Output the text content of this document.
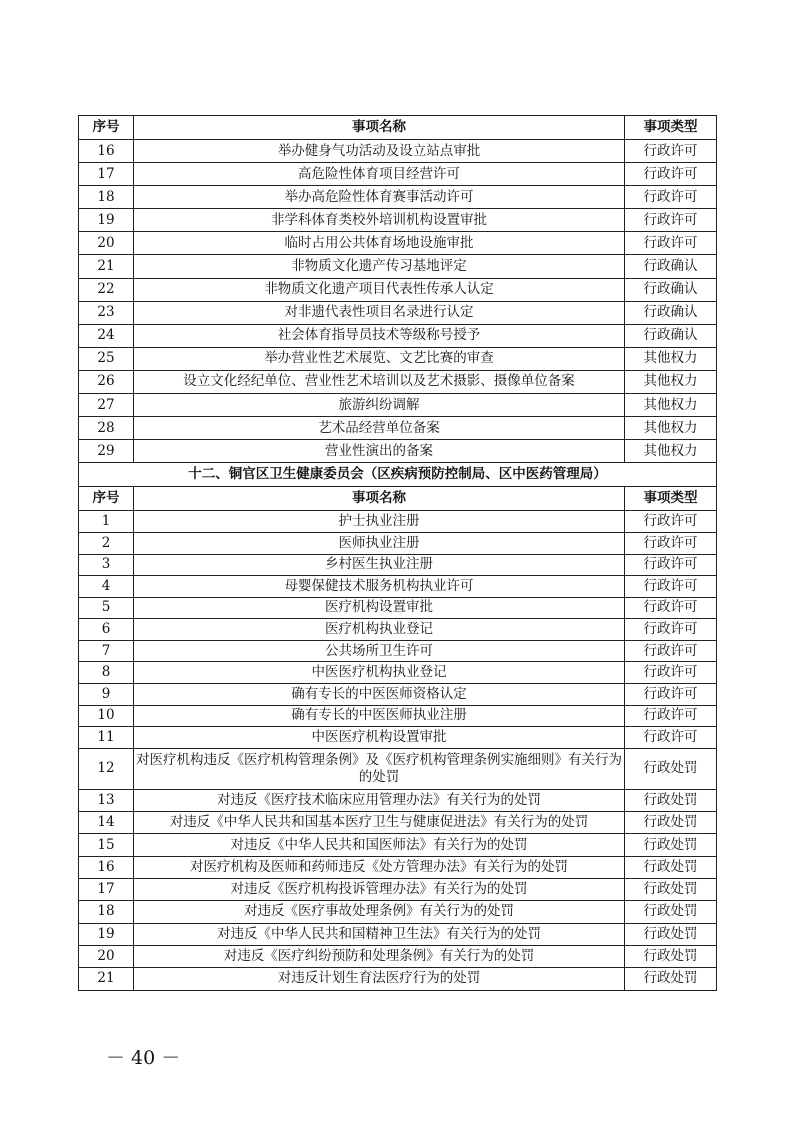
序号	事项名称	事项类型
16	举办健身气功活动及设立站点审批	行政许可
17	高危险性体育项目经营许可	行政许可
18	举办高危险性体育赛事活动许可	行政许可
19	非学科体育类校外培训机构设置审批	行政许可
20	临时占用公共体育场地设施审批	行政许可
21	非物质文化遗产传习基地评定	行政确认
22	非物质文化遗产项目代表性传承人认定	行政确认
23	对非遗代表性项目名录进行认定	行政确认
24	社会体育指导员技术等级称号授予	行政确认
25	举办营业性艺术展览、文艺比赛的审查	其他权力
26	设立文化经纪单位、营业性艺术培训以及艺术摄影、摄像单位备案	其他权力
27	旅游纠纷调解	其他权力
28	艺术品经营单位备案	其他权力
29	营业性演出的备案	其他权力
十二、铜官区卫生健康委员会（区疾病预防控制局、区中医药管理局）		
序号	事项名称	事项类型
1	护士执业注册	行政许可
2	医师执业注册	行政许可
3	乡村医生执业注册	行政许可
4	母婴保健技术服务机构执业许可	行政许可
5	医疗机构设置审批	行政许可
6	医疗机构执业登记	行政许可
7	公共场所卫生许可	行政许可
8	中医医疗机构执业登记	行政许可
9	确有专长的中医医师资格认定	行政许可
10	确有专长的中医医师执业注册	行政许可
11	中医医疗机构设置审批	行政许可
12	对医疗机构违反《医疗机构管理条例》及《医疗机构管理条例实施细则》有关行为的处罚	行政处罚
13	对违反《医疗技术临床应用管理办法》有关行为的处罚	行政处罚
14	对违反《中华人民共和国基本医疗卫生与健康促进法》有关行为的处罚	行政处罚
15	对违反《中华人民共和国医师法》有关行为的处罚	行政处罚
16	对医疗机构及医师和药师违反《处方管理办法》有关行为的处罚	行政处罚
17	对违反《医疗机构投诉管理办法》有关行为的处罚	行政处罚
18	对违反《医疗事故处理条例》有关行为的处罚	行政处罚
19	对违反《中华人民共和国精神卫生法》有关行为的处罚	行政处罚
20	对违反《医疗纠纷预防和处理条例》有关行为的处罚	行政处罚
21	对违反计划生育法医疗行为的处罚	行政处罚
－ 40 －
